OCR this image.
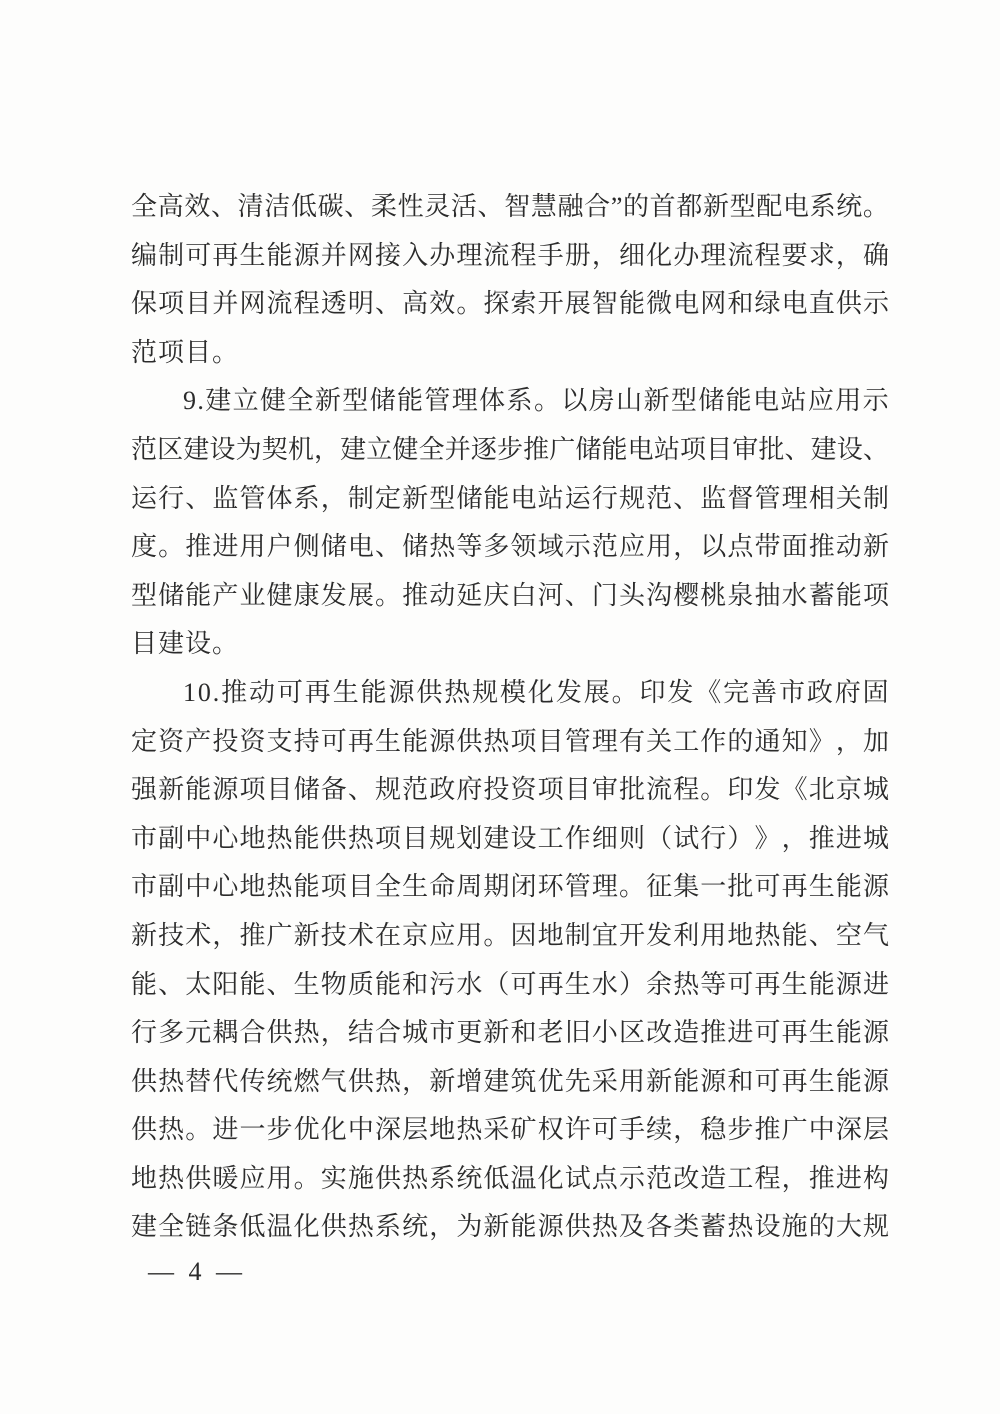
全 高 效 、 清 洁 低 碳 、 柔 性 灵 活 、 智 慧 融 合 ” 的 首 都 新 型 配 电 系 统 。
编 制 可 再 生 能 源 并 网 接 入 办 理 流 程 手 册 ， 细 化 办 理 流 程 要 求 ， 确
保 项 目 并 网 流 程 透 明 、 高 效 。 探 索 开 展 智 能 微 电 网 和 绿 电 直 供 示
范项目。
9 . 建 立 健 全 新 型 储 能 管 理 体 系 。 以 房 山 新 型 储 能 电 站 应 用 示
范 区 建 设 为 契 机 ， 建 立 健 全 并 逐 步 推 广 储 能 电 站 项 目 审 批 、 建 设 、
运 行 、 监 管 体 系 ， 制 定 新 型 储 能 电 站 运 行 规 范 、 监 督 管 理 相 关 制
度 。 推 进 用 户 侧 储 电 、 储 热 等 多 领 域 示 范 应 用 ， 以 点 带 面 推 动 新
型 储 能 产 业 健 康 发 展 。 推 动 延 庆 白 河 、 门 头 沟 樱 桃 泉 抽 水 蓄 能 项
目建设。
1 0 . 推 动 可 再 生 能 源 供 热 规 模 化 发 展 。 印 发 《 完 善 市 政 府 固
定 资 产 投 资 支 持 可 再 生 能 源 供 热 项 目 管 理 有 关 工 作 的 通 知 》 ， 加
强 新 能 源 项 目 储 备 、 规 范 政 府 投 资 项 目 审 批 流 程 。 印 发 《 北 京 城
市 副 中 心 地 热 能 供 热 项 目 规 划 建 设 工 作 细 则 （ 试 行 ） 》 ， 推 进 城
市 副 中 心 地 热 能 项 目 全 生 命 周 期 闭 环 管 理 。 征 集 一 批 可 再 生 能 源
新 技 术 ， 推 广 新 技 术 在 京 应 用 。 因 地 制 宜 开 发 利 用 地 热 能 、 空 气
能 、 太 阳 能 、 生 物 质 能 和 污 水 （ 可 再 生 水 ） 余 热 等 可 再 生 能 源 进
行 多 元 耦 合 供 热 ， 结 合 城 市 更 新 和 老 旧 小 区 改 造 推 进 可 再 生 能 源
供 热 替 代 传 统 燃 气 供 热 ， 新 增 建 筑 优 先 采 用 新 能 源 和 可 再 生 能 源
供 热 。 进 一 步 优 化 中 深 层 地 热 采 矿 权 许 可 手 续 ， 稳 步 推 广 中 深 层
地 热 供 暖 应 用 。 实 施 供 热 系 统 低 温 化 试 点 示 范 改 造 工 程 ， 推 进 构
建 全 链 条 低 温 化 供 热 系 统 ， 为 新 能 源 供 热 及 各 类 蓄 热 设 施 的 大 规
— 4 —
